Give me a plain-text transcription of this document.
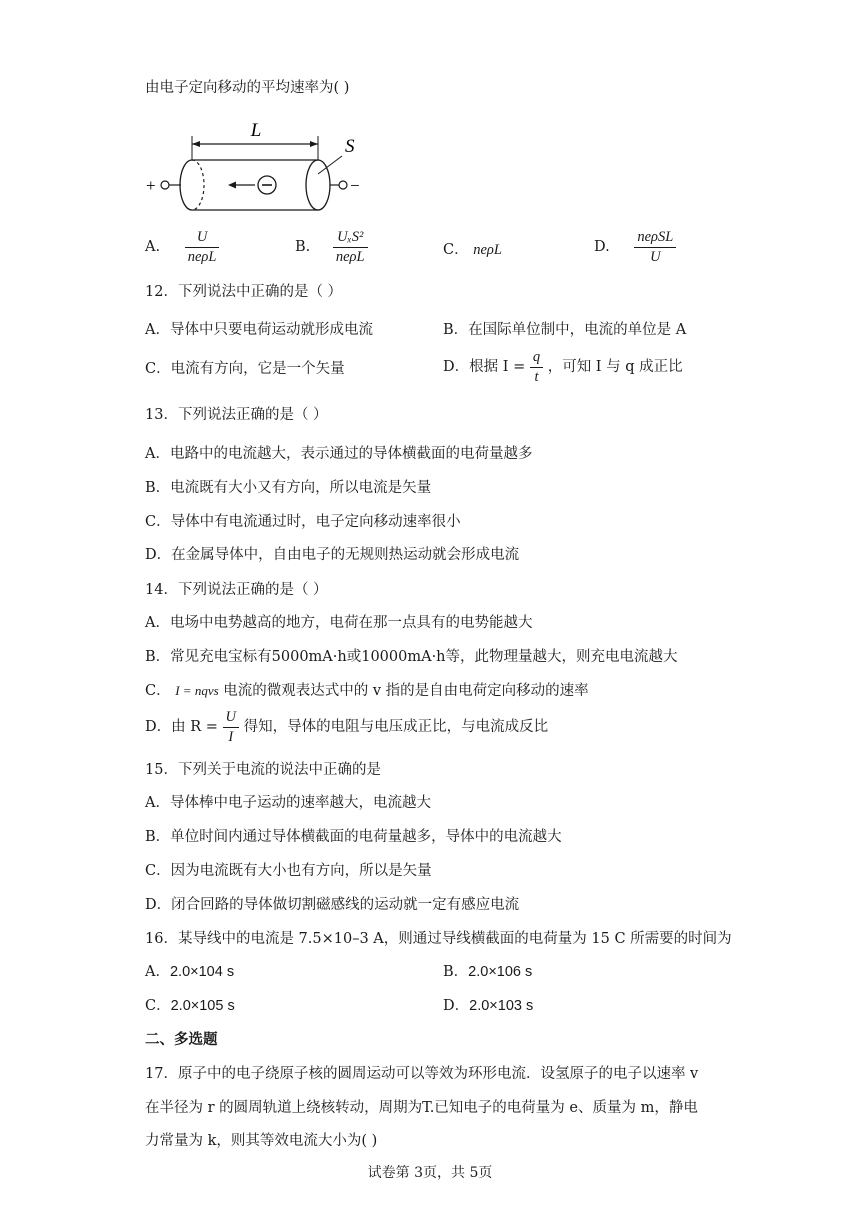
由电子定向移动的平均速率为( )
L
S
+	−
A. $\frac{U}{\text{neρL}}$	B. $\frac{\text{UₓS²}}{\text{neρL}}$	C． neρL	D. $\frac{\text{neρSL}}{U}$
12．下列说法中正确的是（ ）
A．导体中只要电荷运动就形成电流	B．在国际单位制中，电流的单位是 A
C．电流有方向，它是一个矢量	D．根据 $I = \frac{q}{t}$ ，可知 I 与 q 成正比
13．下列说法正确的是（ ）
A．电路中的电流越大，表示通过的导体横截面的电荷量越多
B．电流既有大小又有方向，所以电流是矢量
C．导体中有电流通过时，电子定向移动速率很小
D．在金属导体中，自由电子的无规则热运动就会形成电流
14．下列说法正确的是（ ）
A．电场中电势越高的地方，电荷在那一点具有的电势能越大
B．常见充电宝标有5000mA·h或10000mA·h等，此物理量越大，则充电电流越大
C． I = nqvs 电流的微观表达式中的 v 指的是自由电荷定向移动的速率
D．由 $R = \frac{U}{I}$ 得知，导体的电阻与电压成正比，与电流成反比
15．下列关于电流的说法中正确的是
A．导体棒中电子运动的速率越大，电流越大
B．单位时间内通过导体横截面的电荷量越多，导体中的电流越大
C．因为电流既有大小也有方向，所以是矢量
D．闭合回路的导体做切割磁感线的运动就一定有感应电流
16．某导线中的电流是 7.5×10–3 A，则通过导线横截面的电荷量为 15 C 所需要的时间为
A．2.0×104 s	B．2.0×106 s
C．2.0×105 s	D．2.0×103 s
二、多选题
17．原子中的电子绕原子核的圆周运动可以等效为环形电流．设氢原子的电子以速率 v
在半径为 r 的圆周轨道上绕核转动，周期为T.已知电子的电荷量为 e、质量为 m，静电
力常量为 k，则其等效电流大小为( )
试卷第 3页，共 5页
